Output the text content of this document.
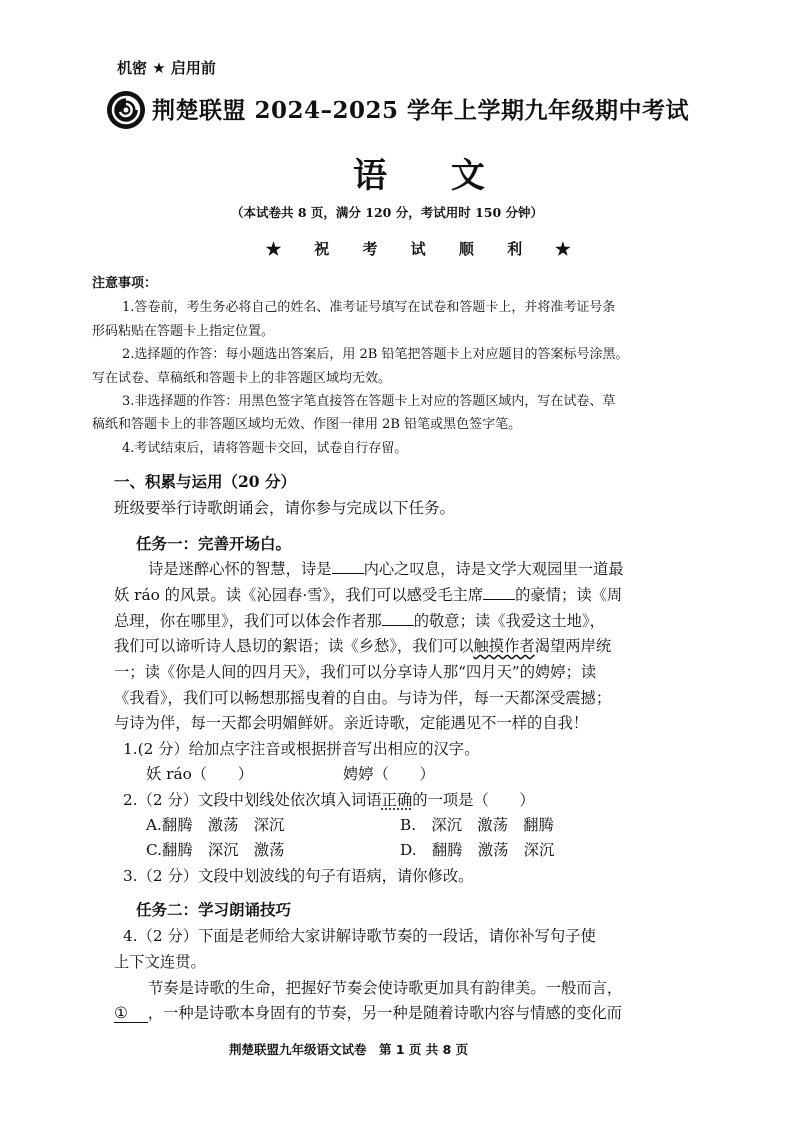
机密 ★ 启用前
荆楚联盟 2024–2025 学年上学期九年级期中考试
语 文
（本试卷共 8 页，满分 120 分，考试用时 150 分钟）
★ 祝 考 试 顺 利 ★
注意事项：
1.答卷前，考生务必将自己的姓名、准考证号填写在试卷和答题卡上，并将准考证号条
形码粘贴在答题卡上指定位置。
2.选择题的作答：每小题选出答案后，用 2B 铅笔把答题卡上对应题目的答案标号涂黑。
写在试卷、草稿纸和答题卡上的非答题区域均无效。
3.非选择题的作答：用黑色签字笔直接答在答题卡上对应的答题区域内，写在试卷、草
稿纸和答题卡上的非答题区域均无效、作图一律用 2B 铅笔或黑色签字笔。
4.考试结束后，请将答题卡交回，试卷自行存留。
一、积累与运用（20 分）
班级要举行诗歌朗诵会，请你参与完成以下任务。
任务一：完善开场白。
诗是迷醉心怀的智慧，诗是 内心之叹息，诗是文学大观园里一道最
妖 ráo 的风景。读《沁园春·雪》，我们可以感受毛主席 的豪情；读《周
总理，你在哪里》，我们可以体会作者那 的敬意；读《我爱这土地》，
我们可以谛听诗人恳切的絮语；读《乡愁》，我们可以触摸作者渴望两岸统
一；读《你是人间的四月天》，我们可以分享诗人那“四月天”的娉婷；读
《我看》，我们可以畅想那摇曳着的自由。与诗为伴，每一天都深受震撼；
与诗为伴，每一天都会明媚鲜妍。亲近诗歌，定能遇见不一样的自我！
1.(2 分）给加点字注音或根据拼音写出相应的汉字。
妖 ráo（　　）	娉婷（　　）
2.（2 分）文段中划线处依次填入词语正确的一项是（　　）
A.翻腾　激荡　深沉	B.　深沉　激荡　翻腾
C.翻腾　深沉　激荡	D.　翻腾　激荡　深沉
3.（2 分）文段中划波线的句子有语病，请你修改。
任务二：学习朗诵技巧
4.（2 分）下面是老师给大家讲解诗歌节奏的一段话，请你补写句子使
上下文连贯。
节奏是诗歌的生命，把握好节奏会使诗歌更加具有韵律美。一般而言，
① ，一种是诗歌本身固有的节奏，另一种是随着诗歌内容与情感的变化而
荆楚联盟九年级语文试卷　第 1 页 共 8 页
